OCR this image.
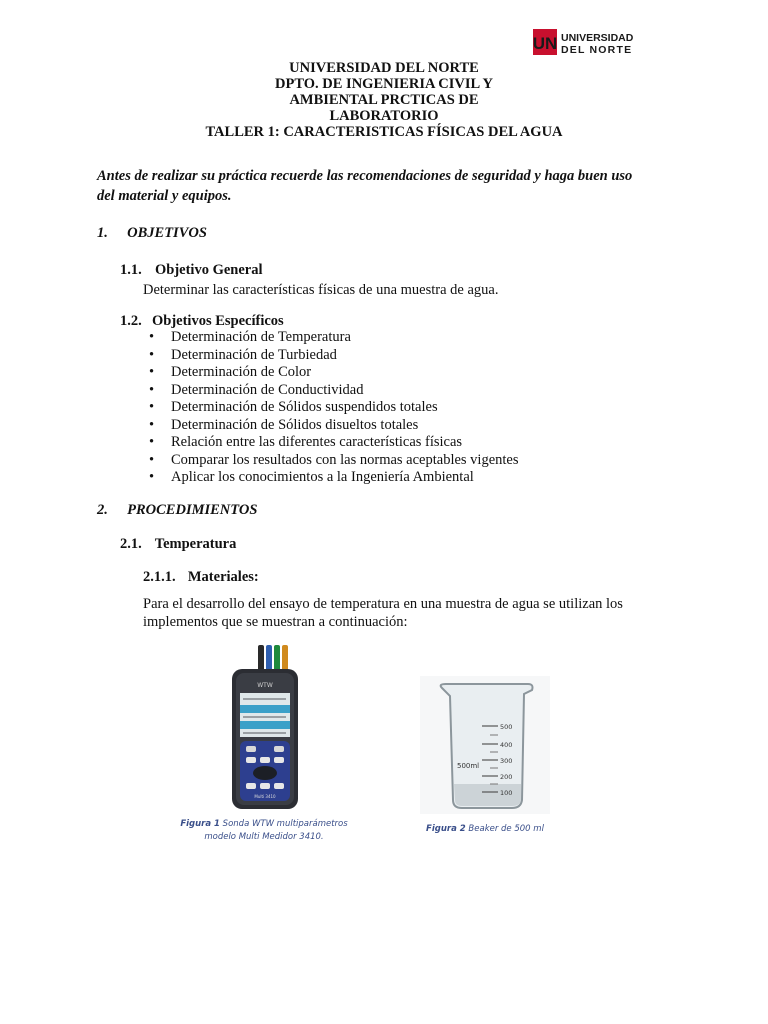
UN UNIVERSIDAD
DEL NORTE
UNIVERSIDAD DEL NORTE
DPTO. DE INGENIERIA CIVIL Y
AMBIENTAL PRCTICAS DE
LABORATORIO
TALLER 1: CARACTERISTICAS FÍSICAS DEL AGUA
Antes de realizar su práctica recuerde las recomendaciones de seguridad y haga buen uso
del material y equipos.
1. OBJETIVOS
1.1. Objetivo General
Determinar las características físicas de una muestra de agua.
1.2. Objetivos Específicos
• Determinación de Temperatura
• Determinación de Turbiedad
• Determinación de Color
• Determinación de Conductividad
• Determinación de Sólidos suspendidos totales
• Determinación de Sólidos disueltos totales
• Relación entre las diferentes características físicas
• Comparar los resultados con las normas aceptables vigentes
• Aplicar los conocimientos a la Ingeniería Ambiental
2. PROCEDIMIENTOS
2.1. Temperatura
2.1.1. Materiales:
Para el desarrollo del ensayo de temperatura en una muestra de agua se utilizan los
implementos que se muestran a continuación:
WTW
Multi 3410
Figura 1 Sonda WTW multiparámetros
modelo Multi Medidor 3410.
500
400
300
200
100
500ml
Figura 2 Beaker de 500 ml
